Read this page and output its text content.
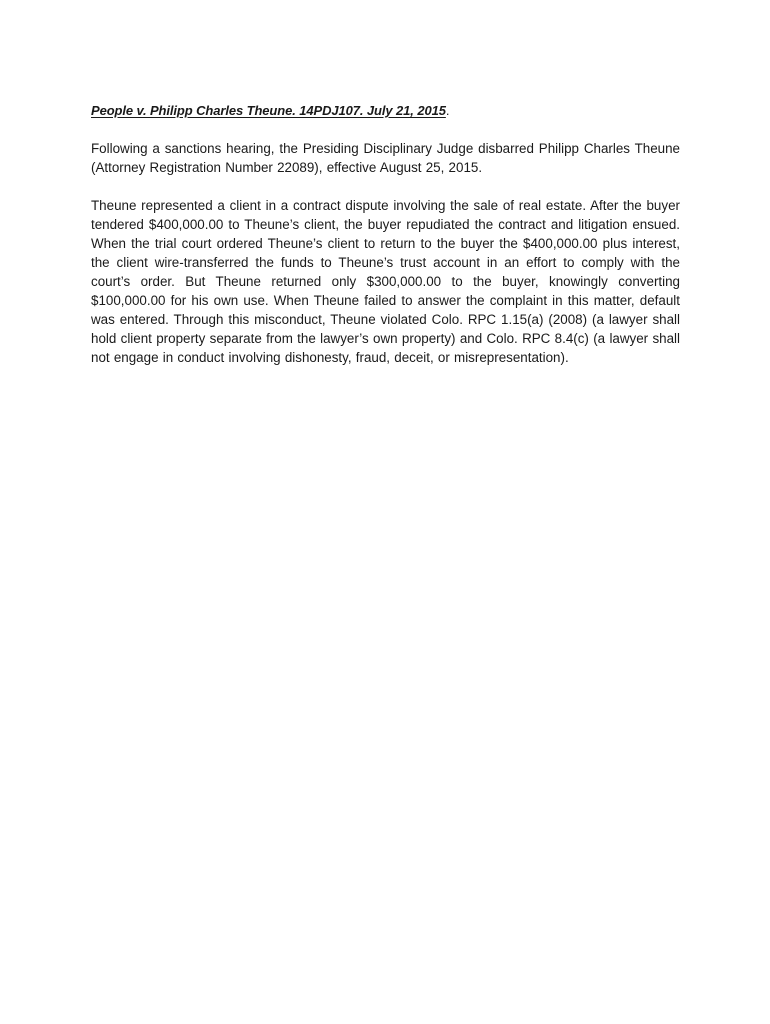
People v. Philipp Charles Theune. 14PDJ107. July 21, 2015.

Following a sanctions hearing, the Presiding Disciplinary Judge disbarred Philipp Charles Theune (Attorney Registration Number 22089), effective August 25, 2015.

Theune represented a client in a contract dispute involving the sale of real estate. After the buyer tendered $400,000.00 to Theune’s client, the buyer repudiated the contract and litigation ensued. When the trial court ordered Theune’s client to return to the buyer the $400,000.00 plus interest, the client wire-transferred the funds to Theune’s trust account in an effort to comply with the court’s order. But Theune returned only $300,000.00 to the buyer, knowingly converting $100,000.00 for his own use. When Theune failed to answer the complaint in this matter, default was entered. Through this misconduct, Theune violated Colo. RPC 1.15(a) (2008) (a lawyer shall hold client property separate from the lawyer’s own property) and Colo. RPC 8.4(c) (a lawyer shall not engage in conduct involving dishonesty, fraud, deceit, or misrepresentation).
